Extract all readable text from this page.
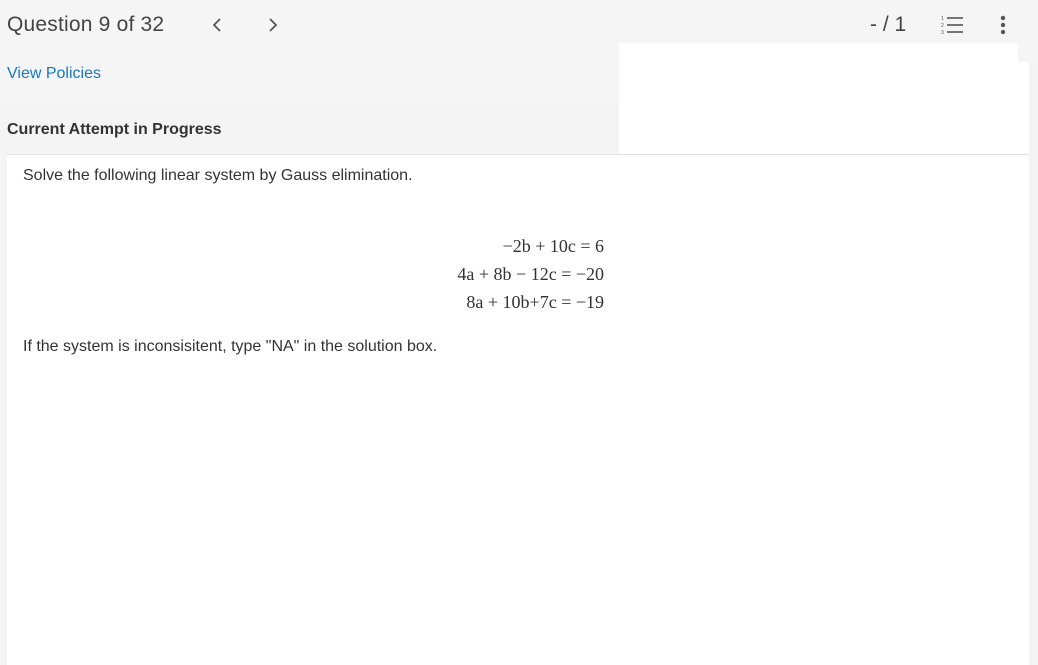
Question 9 of 32	- / 1	1
2
3
View Policies
Current Attempt in Progress
Solve the following linear system by Gauss elimination.
−2b + 10c = 6
4a + 8b − 12c = −20
8a + 10b+7c = −19
If the system is inconsisitent, type "NA" in the solution box.
